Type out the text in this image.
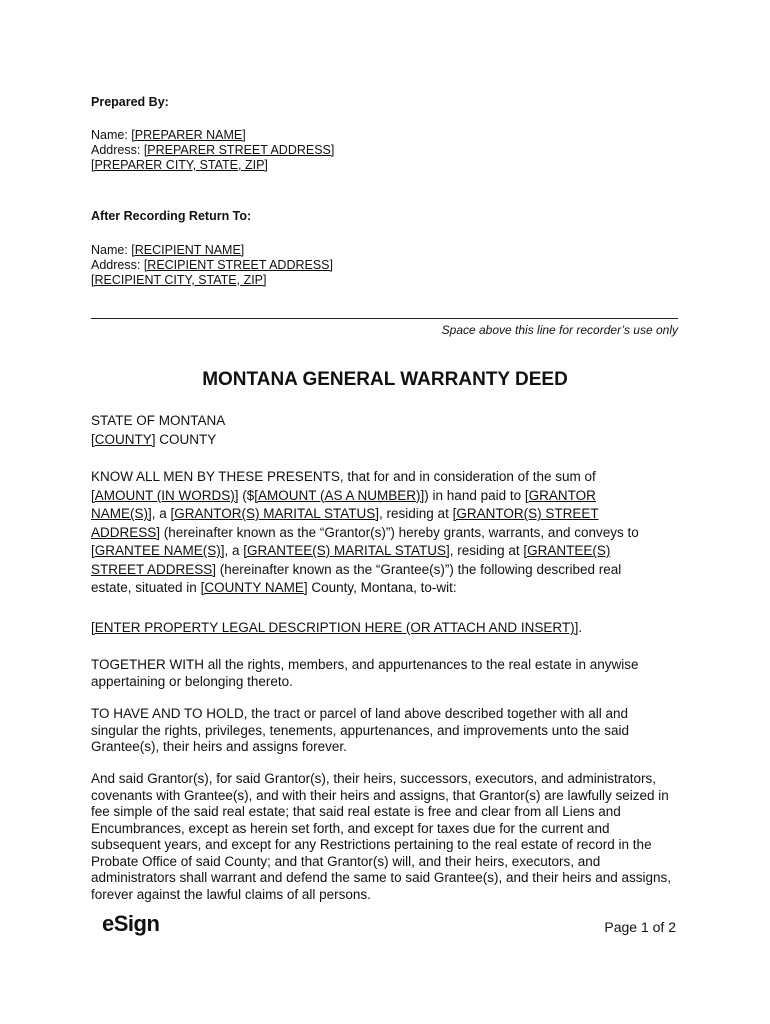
Prepared By:

Name: [PREPARER NAME]

Address: [PREPARER STREET ADDRESS]

[PREPARER CITY, STATE, ZIP]

After Recording Return To:

Name: [RECIPIENT NAME]

Address: [RECIPIENT STREET ADDRESS]

[RECIPIENT CITY, STATE, ZIP]

Space above this line for recorder’s use only
MONTANA GENERAL WARRANTY DEED

STATE OF MONTANA

[COUNTY] COUNTY

KNOW ALL MEN BY THESE PRESENTS, that for and in consideration of the sum of [AMOUNT (IN WORDS)] ($[AMOUNT (AS A NUMBER)]) in hand paid to [GRANTOR NAME(S)], a [GRANTOR(S) MARITAL STATUS], residing at [GRANTOR(S) STREET ADDRESS] (hereinafter known as the “Grantor(s)”) hereby grants, warrants, and conveys to [GRANTEE NAME(S)], a [GRANTEE(S) MARITAL STATUS], residing at [GRANTEE(S) STREET ADDRESS] (hereinafter known as the “Grantee(s)”) the following described real estate, situated in [COUNTY NAME] County, Montana, to-wit:
[ENTER PROPERTY LEGAL DESCRIPTION HERE (OR ATTACH AND INSERT)].
TOGETHER WITH all the rights, members, and appurtenances to the real estate in anywise appertaining or belonging thereto.
TO HAVE AND TO HOLD, the tract or parcel of land above described together with all and singular the rights, privileges, tenements, appurtenances, and improvements unto the said Grantee(s), their heirs and assigns forever.
And said Grantor(s), for said Grantor(s), their heirs, successors, executors, and administrators, covenants with Grantee(s), and with their heirs and assigns, that Grantor(s) are lawfully seized in fee simple of the said real estate; that said real estate is free and clear from all Liens and Encumbrances, except as herein set forth, and except for taxes due for the current and subsequent years, and except for any Restrictions pertaining to the real estate of record in the Probate Office of said County; and that Grantor(s) will, and their heirs, executors, and administrators shall warrant and defend the same to said Grantee(s), and their heirs and assigns, forever against the lawful claims of all persons.
eSign	Page 1 of 2
